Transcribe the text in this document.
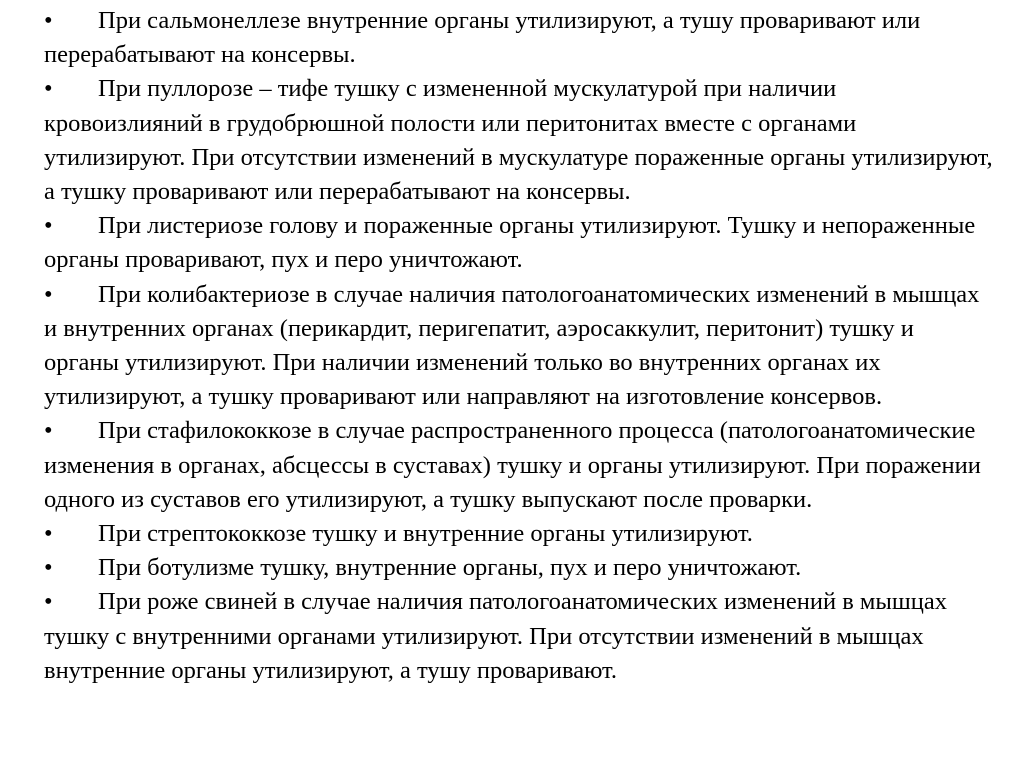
• При сальмонеллезе внутренние органы утилизируют, а тушу проваривают или перерабатывают на консервы.
• При пуллорозе – тифе тушку с измененной мускулатурой при наличии кровоизлияний в грудобрюшной полости или перитонитах вместе с органами утилизируют. При отсутствии изменений в мускулатуре пораженные органы утилизируют, а тушку проваривают или перерабатывают на консервы.
• При листериозе голову и пораженные органы утилизируют. Тушку и непораженные органы проваривают, пух и перо уничтожают.
• При колибактериозе в случае наличия патологоанатомических изменений в мышцах и внутренних органах (перикардит, перигепатит, аэросаккулит, перитонит) тушку и органы утилизируют. При наличии изменений только во внутренних органах их утилизируют, а тушку проваривают или направляют на изготовление консервов.
• При стафилококкозе в случае распространенного процесса (патологоанатомические изменения в органах, абсцессы в суставах) тушку и органы утилизируют. При поражении одного из суставов его утилизируют, а тушку выпускают после проварки.
• При стрептококкозе тушку и внутренние органы утилизируют.
• При ботулизме тушку, внутренние органы, пух и перо уничтожают.
• При роже свиней в случае наличия патологоанатомических изменений в мышцах тушку с внутренними органами утилизируют. При отсутствии изменений в мышцах внутренние органы утилизируют, а тушу проваривают.
